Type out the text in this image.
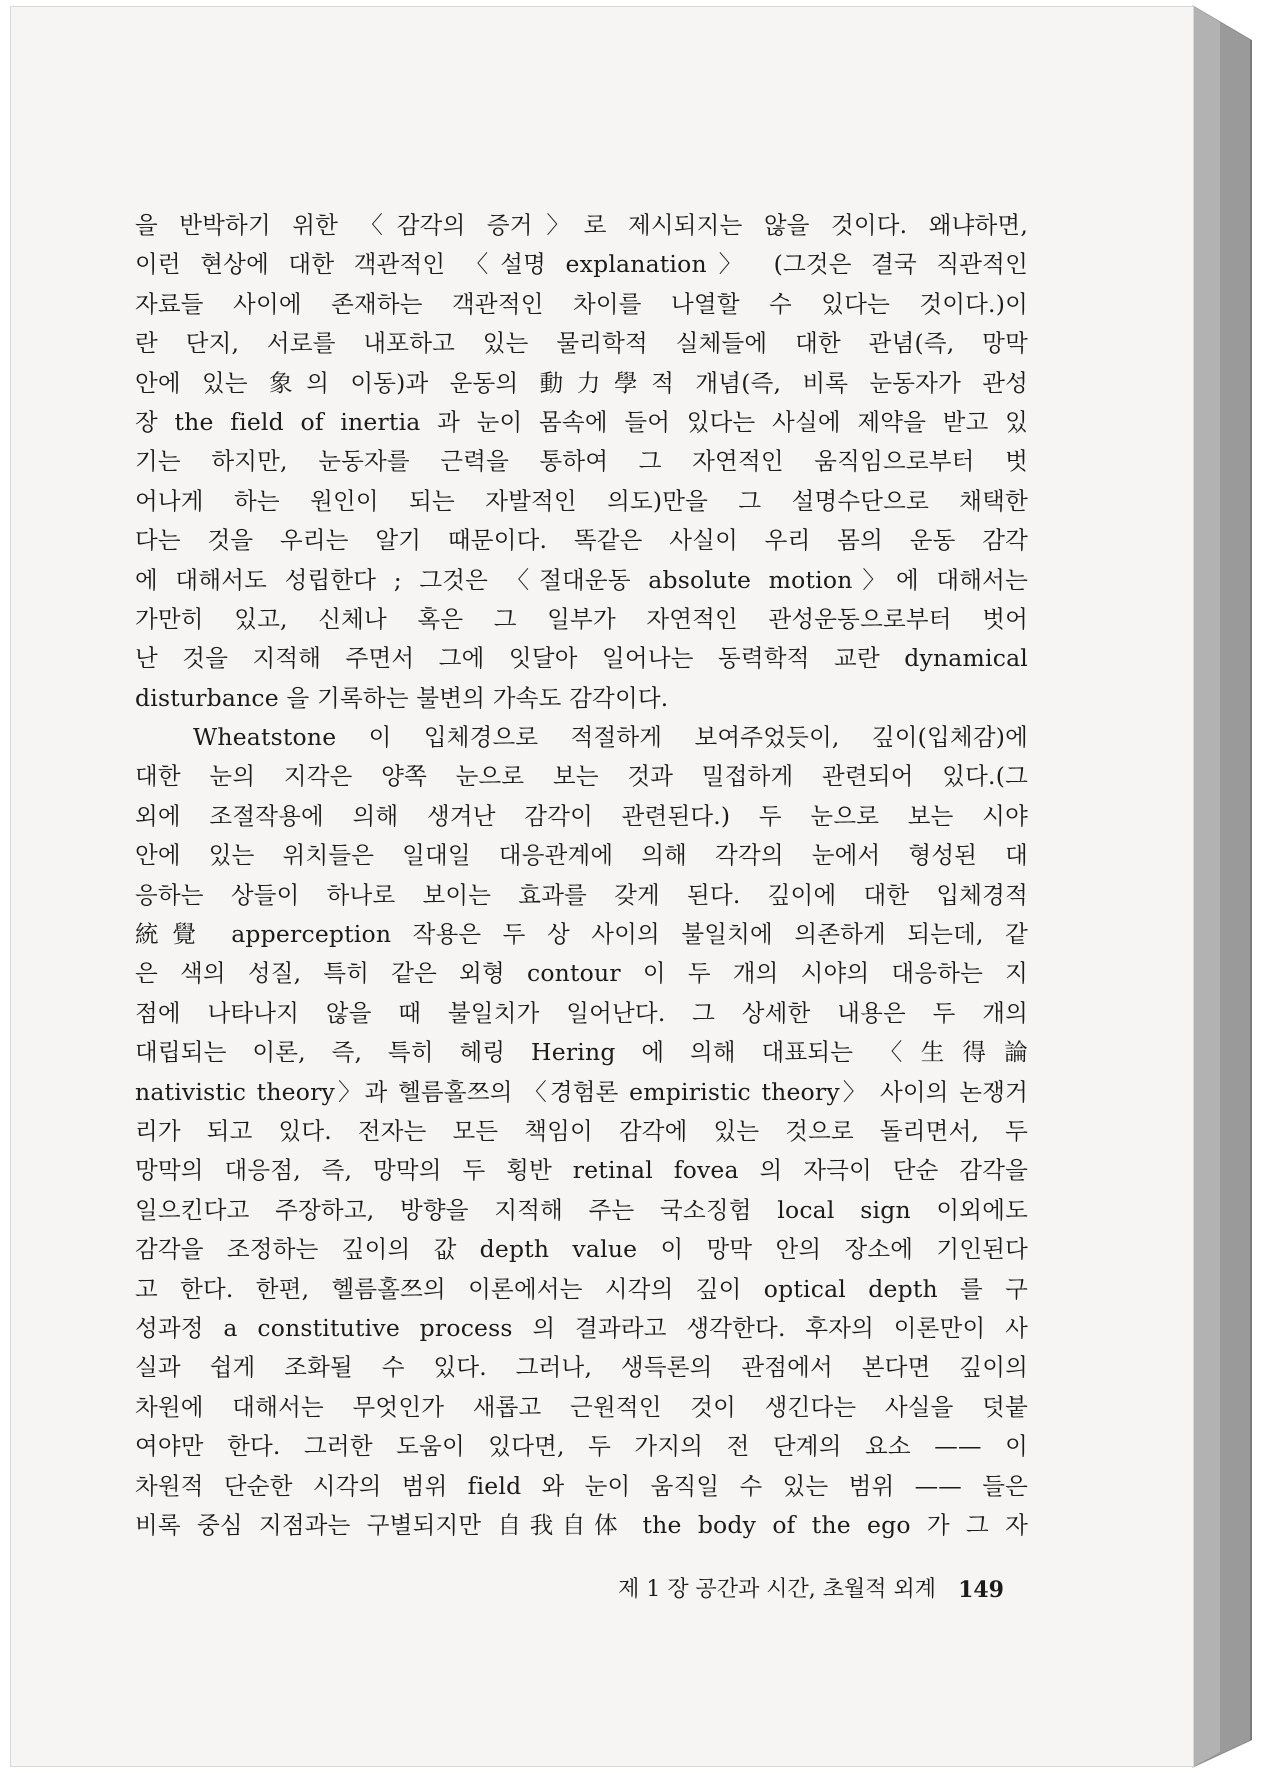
을 반박하기 위한 〈감각의 증거〉로 제시되지는 않을 것이다. 왜냐하면,
이런 현상에 대한 객관적인 〈설명 explanation〉 (그것은 결국 직관적인
자료들 사이에 존재하는 객관적인 차이를 나열할 수 있다는 것이다.)이
란 단지, 서로를 내포하고 있는 물리학적 실체들에 대한 관념(즉, 망막
안에 있는 象의 이동)과 운동의 動力學적 개념(즉, 비록 눈동자가 관성
장 the field of inertia 과 눈이 몸속에 들어 있다는 사실에 제약을 받고 있
기는 하지만, 눈동자를 근력을 통하여 그 자연적인 움직임으로부터 벗
어나게 하는 원인이 되는 자발적인 의도)만을 그 설명수단으로 채택한
다는 것을 우리는 알기 때문이다. 똑같은 사실이 우리 몸의 운동 감각
에 대해서도 성립한다 ; 그것은 〈절대운동 absolute motion〉에 대해서는
가만히 있고, 신체나 혹은 그 일부가 자연적인 관성운동으로부터 벗어
난 것을 지적해 주면서 그에 잇달아 일어나는 동력학적 교란 dynamical
disturbance 을 기록하는 불변의 가속도 감각이다.
Wheatstone 이 입체경으로 적절하게 보여주었듯이, 깊이(입체감)에
대한 눈의 지각은 양쪽 눈으로 보는 것과 밀접하게 관련되어 있다.(그
외에 조절작용에 의해 생겨난 감각이 관련된다.) 두 눈으로 보는 시야
안에 있는 위치들은 일대일 대응관계에 의해 각각의 눈에서 형성된 대
응하는 상들이 하나로 보이는 효과를 갖게 된다. 깊이에 대한 입체경적
統覺 apperception 작용은 두 상 사이의 불일치에 의존하게 되는데, 같
은 색의 성질, 특히 같은 외형 contour 이 두 개의 시야의 대응하는 지
점에 나타나지 않을 때 불일치가 일어난다. 그 상세한 내용은 두 개의
대립되는 이론, 즉, 특히 헤링 Hering 에 의해 대표되는 〈生得論
nativistic theory〉과 헬름홀쯔의 〈경험론 empiristic theory〉 사이의 논쟁거
리가 되고 있다. 전자는 모든 책임이 감각에 있는 것으로 돌리면서, 두
망막의 대응점, 즉, 망막의 두 횡반 retinal fovea 의 자극이 단순 감각을
일으킨다고 주장하고, 방향을 지적해 주는 국소징험 local sign 이외에도
감각을 조정하는 깊이의 값 depth value 이 망막 안의 장소에 기인된다
고 한다. 한편, 헬름홀쯔의 이론에서는 시각의 깊이 optical depth 를 구
성과정 a constitutive process 의 결과라고 생각한다. 후자의 이론만이 사
실과 쉽게 조화될 수 있다. 그러나, 생득론의 관점에서 본다면 깊이의
차원에 대해서는 무엇인가 새롭고 근원적인 것이 생긴다는 사실을 덧붙
여야만 한다. 그러한 도움이 있다면, 두 가지의 전 단계의 요소 —— 이
차원적 단순한 시각의 범위 field 와 눈이 움직일 수 있는 범위 —— 들은
비록 중심 지점과는 구별되지만 自我自体 the body of the ego 가 그 자
제 1 장 공간과 시간, 초월적 외계 149
